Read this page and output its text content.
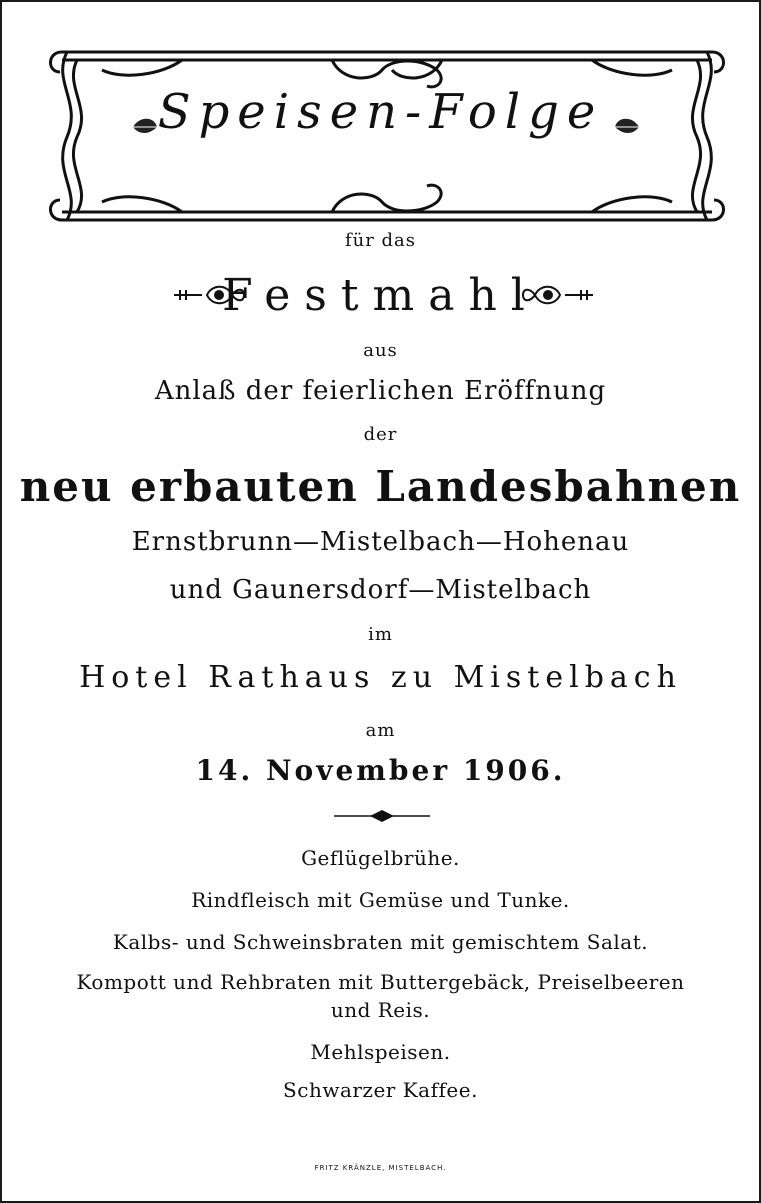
Speisen-Folge
für das
Festmahl
aus
Anlaß der feierlichen Eröffnung
der
neu erbauten Landesbahnen
Ernstbrunn—Mistelbach—Hohenau
und Gaunersdorf—Mistelbach
im
Hotel Rathaus zu Mistelbach
am
14. November 1906.
Geflügelbrühe.
Rindfleisch mit Gemüse und Tunke.
Kalbs- und Schweinsbraten mit gemischtem Salat.
Kompott und Rehbraten mit Buttergebäck, Preiselbeeren
und Reis.
Mehlspeisen.
Schwarzer Kaffee.
FRITZ KRÄNZLE, MISTELBACH.
